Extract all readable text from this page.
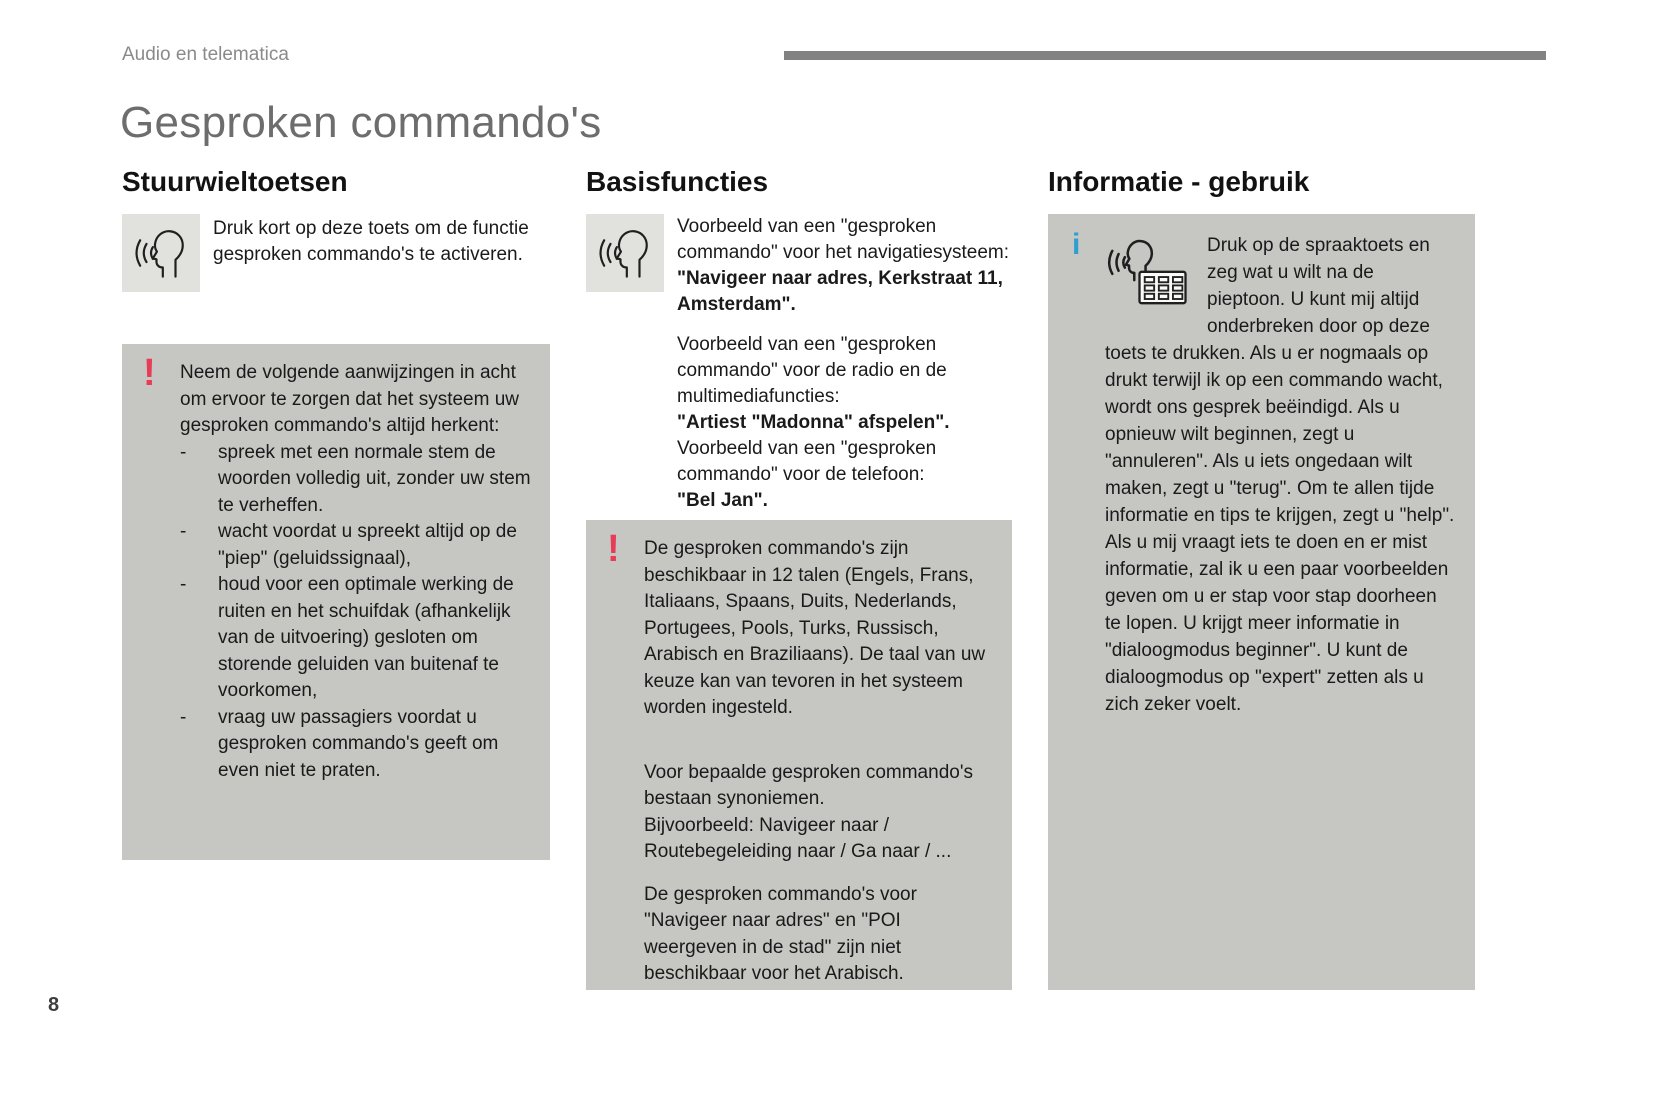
Audio en telematica
Gesproken commando's
Stuurwieltoetsen
Druk kort op deze toets om de functie gesproken commando's te activeren.
! Neem de volgende aanwijzingen in acht om ervoor te zorgen dat het systeem uw gesproken commando's altijd herkent:
-	spreek met een normale stem de woorden volledig uit, zonder uw stem te verheffen.
-	wacht voordat u spreekt altijd op de "piep" (geluidssignaal),
-	houd voor een optimale werking de ruiten en het schuifdak (afhankelijk van de uitvoering) gesloten om storende geluiden van buitenaf te voorkomen,
-	vraag uw passagiers voordat u gesproken commando's geeft om even niet te praten.
Basisfuncties
Voorbeeld van een "gesproken commando" voor het navigatiesysteem:
"Navigeer naar adres, Kerkstraat 11, Amsterdam".
Voorbeeld van een "gesproken commando" voor de radio en de multimediafuncties:
"Artiest "Madonna" afspelen".
Voorbeeld van een "gesproken commando" voor de telefoon:
"Bel Jan".
! De gesproken commando's zijn beschikbaar in 12 talen (Engels, Frans, Italiaans, Spaans, Duits, Nederlands, Portugees, Pools, Turks, Russisch, Arabisch en Braziliaans). De taal van uw keuze kan van tevoren in het systeem worden ingesteld.
Voor bepaalde gesproken commando's bestaan synoniemen.
Bijvoorbeeld: Navigeer naar / Routebegeleiding naar / Ga naar / ...
De gesproken commando's voor "Navigeer naar adres" en "POI weergeven in de stad" zijn niet beschikbaar voor het Arabisch.
Informatie - gebruik
i	Druk op de spraaktoets en zeg wat u wilt na de pieptoon. U kunt mij altijd onderbreken door op deze toets te drukken. Als u er nogmaals op drukt terwijl ik op een commando wacht, wordt ons gesprek beëindigd. Als u opnieuw wilt beginnen, zegt u "annuleren". Als u iets ongedaan wilt maken, zegt u "terug". Om te allen tijde informatie en tips te krijgen, zegt u "help". Als u mij vraagt iets te doen en er mist informatie, zal ik u een paar voorbeelden geven om u er stap voor stap doorheen te lopen. U krijgt meer informatie in "dialoogmodus beginner". U kunt de dialoogmodus op "expert" zetten als u zich zeker voelt.
8
